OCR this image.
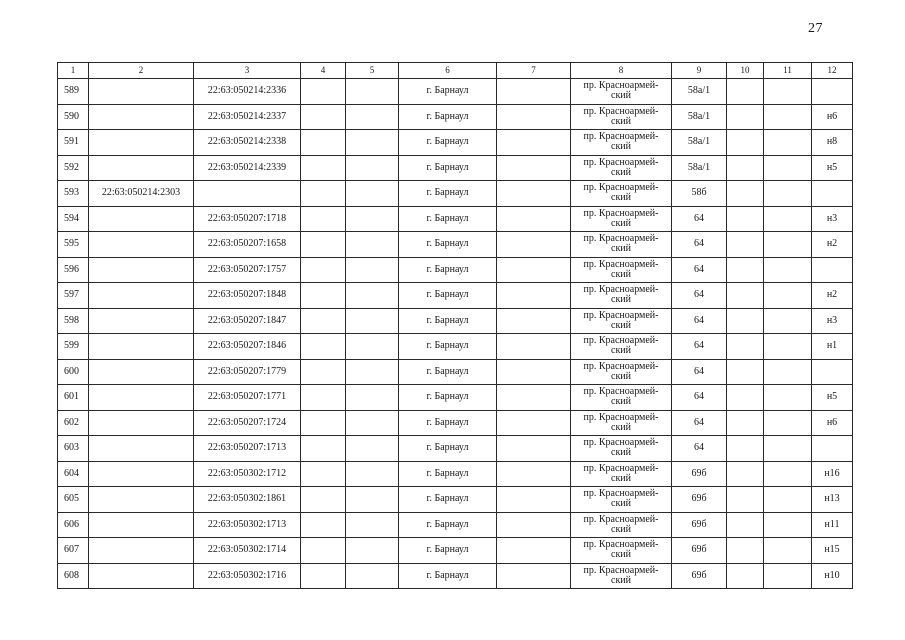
27
1	2	3	4	5	6	7	8	9	10	11	12
589		22:63:050214:2336			г. Барнаул		пр. Красноармей-
ский	58а/1			
590		22:63:050214:2337			г. Барнаул		пр. Красноармей-
ский	58а/1			н6
591		22:63:050214:2338			г. Барнаул		пр. Красноармей-
ский	58а/1			н8
592		22:63:050214:2339			г. Барнаул		пр. Красноармей-
ский	58а/1			н5
593	22:63:050214:2303				г. Барнаул		пр. Красноармей-
ский	58б			
594		22:63:050207:1718			г. Барнаул		пр. Красноармей-
ский	64			н3
595		22:63:050207:1658			г. Барнаул		пр. Красноармей-
ский	64			н2
596		22:63:050207:1757			г. Барнаул		пр. Красноармей-
ский	64			
597		22:63:050207:1848			г. Барнаул		пр. Красноармей-
ский	64			н2
598		22:63:050207:1847			г. Барнаул		пр. Красноармей-
ский	64			н3
599		22:63:050207:1846			г. Барнаул		пр. Красноармей-
ский	64			н1
600		22:63:050207:1779			г. Барнаул		пр. Красноармей-
ский	64			
601		22:63:050207:1771			г. Барнаул		пр. Красноармей-
ский	64			н5
602		22:63:050207:1724			г. Барнаул		пр. Красноармей-
ский	64			н6
603		22:63:050207:1713			г. Барнаул		пр. Красноармей-
ский	64			
604		22:63:050302:1712			г. Барнаул		пр. Красноармей-
ский	69б			н16
605		22:63:050302:1861			г. Барнаул		пр. Красноармей-
ский	69б			н13
606		22:63:050302:1713			г. Барнаул		пр. Красноармей-
ский	69б			н11
607		22:63:050302:1714			г. Барнаул		пр. Красноармей-
ский	69б			н15
608		22:63:050302:1716			г. Барнаул		пр. Красноармей-
ский	69б			н10
